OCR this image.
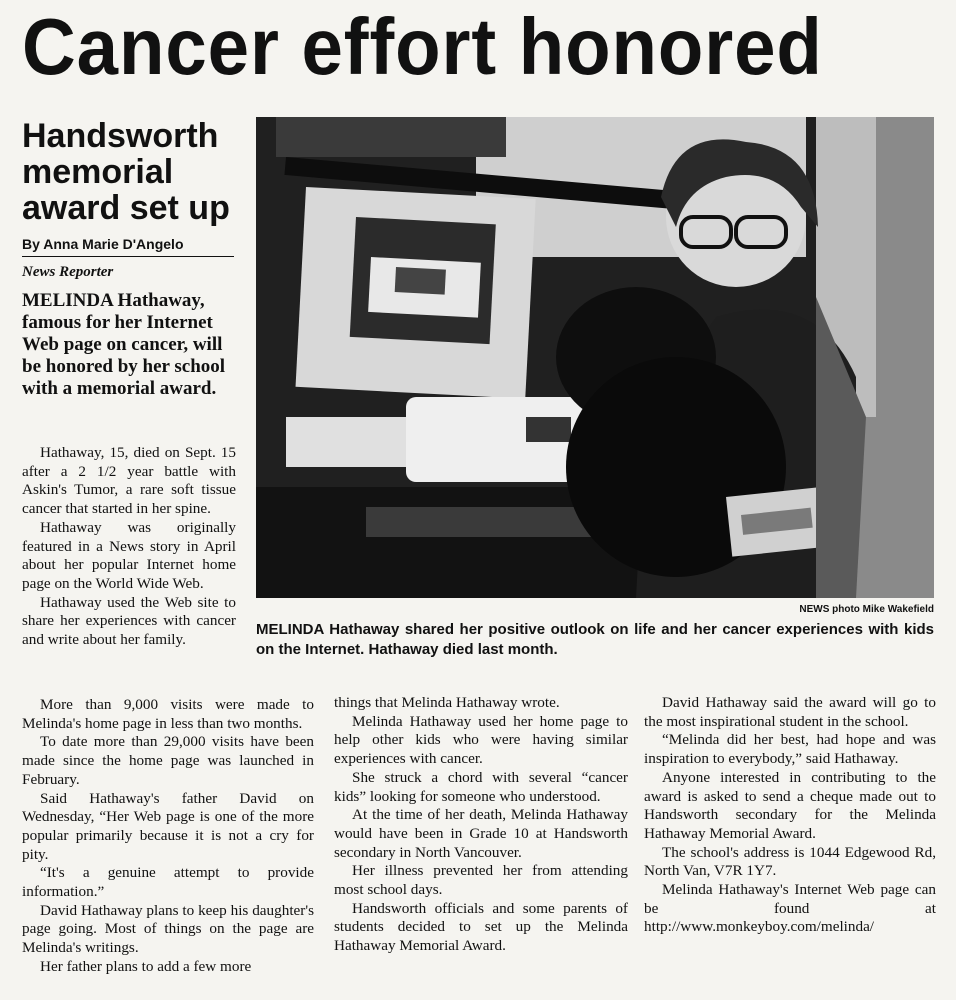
Cancer effort honored
Handsworth memorial award set up
By Anna Marie D'Angelo
News Reporter
MELINDA Hathaway, famous for her Internet Web page on cancer, will be honored by her school with a memorial award.

Hathaway, 15, died on Sept. 15 after a 2 1/2 year battle with Askin's Tumor, a rare soft tissue cancer that started in her spine.

Hathaway was originally featured in a News story in April about her popular Internet home page on the World Wide Web.

Hathaway used the Web site to share her experiences with cancer and write about her family.

NEWS photo Mike Wakefield
MELINDA Hathaway shared her positive outlook on life and her cancer experiences with kids on the Internet. Hathaway died last month.

More than 9,000 visits were made to Melinda's home page in less than two months.

To date more than 29,000 visits have been made since the home page was launched in February.

Said Hathaway's father David on Wednesday, “Her Web page is one of the more popular primarily because it is not a cry for pity.

“It's a genuine attempt to provide information.”

David Hathaway plans to keep his daughter's page going. Most of things on the page are Melinda's writings.

Her father plans to add a few more

things that Melinda Hathaway wrote.

Melinda Hathaway used her home page to help other kids who were having similar experiences with cancer.

She struck a chord with several “cancer kids” looking for someone who understood.

At the time of her death, Melinda Hathaway would have been in Grade 10 at Handsworth secondary in North Vancouver.

Her illness prevented her from attending most school days.

Handsworth officials and some parents of students decided to set up the Melinda Hathaway Memorial Award.

David Hathaway said the award will go to the most inspirational student in the school.

“Melinda did her best, had hope and was inspiration to everybody,” said Hathaway.

Anyone interested in contributing to the award is asked to send a cheque made out to Handsworth secondary for the Melinda Hathaway Memorial Award.

The school's address is 1044 Edgewood Rd, North Van, V7R 1Y7.

Melinda Hathaway's Internet Web page can be found at http://www.monkeyboy.com/melinda/
